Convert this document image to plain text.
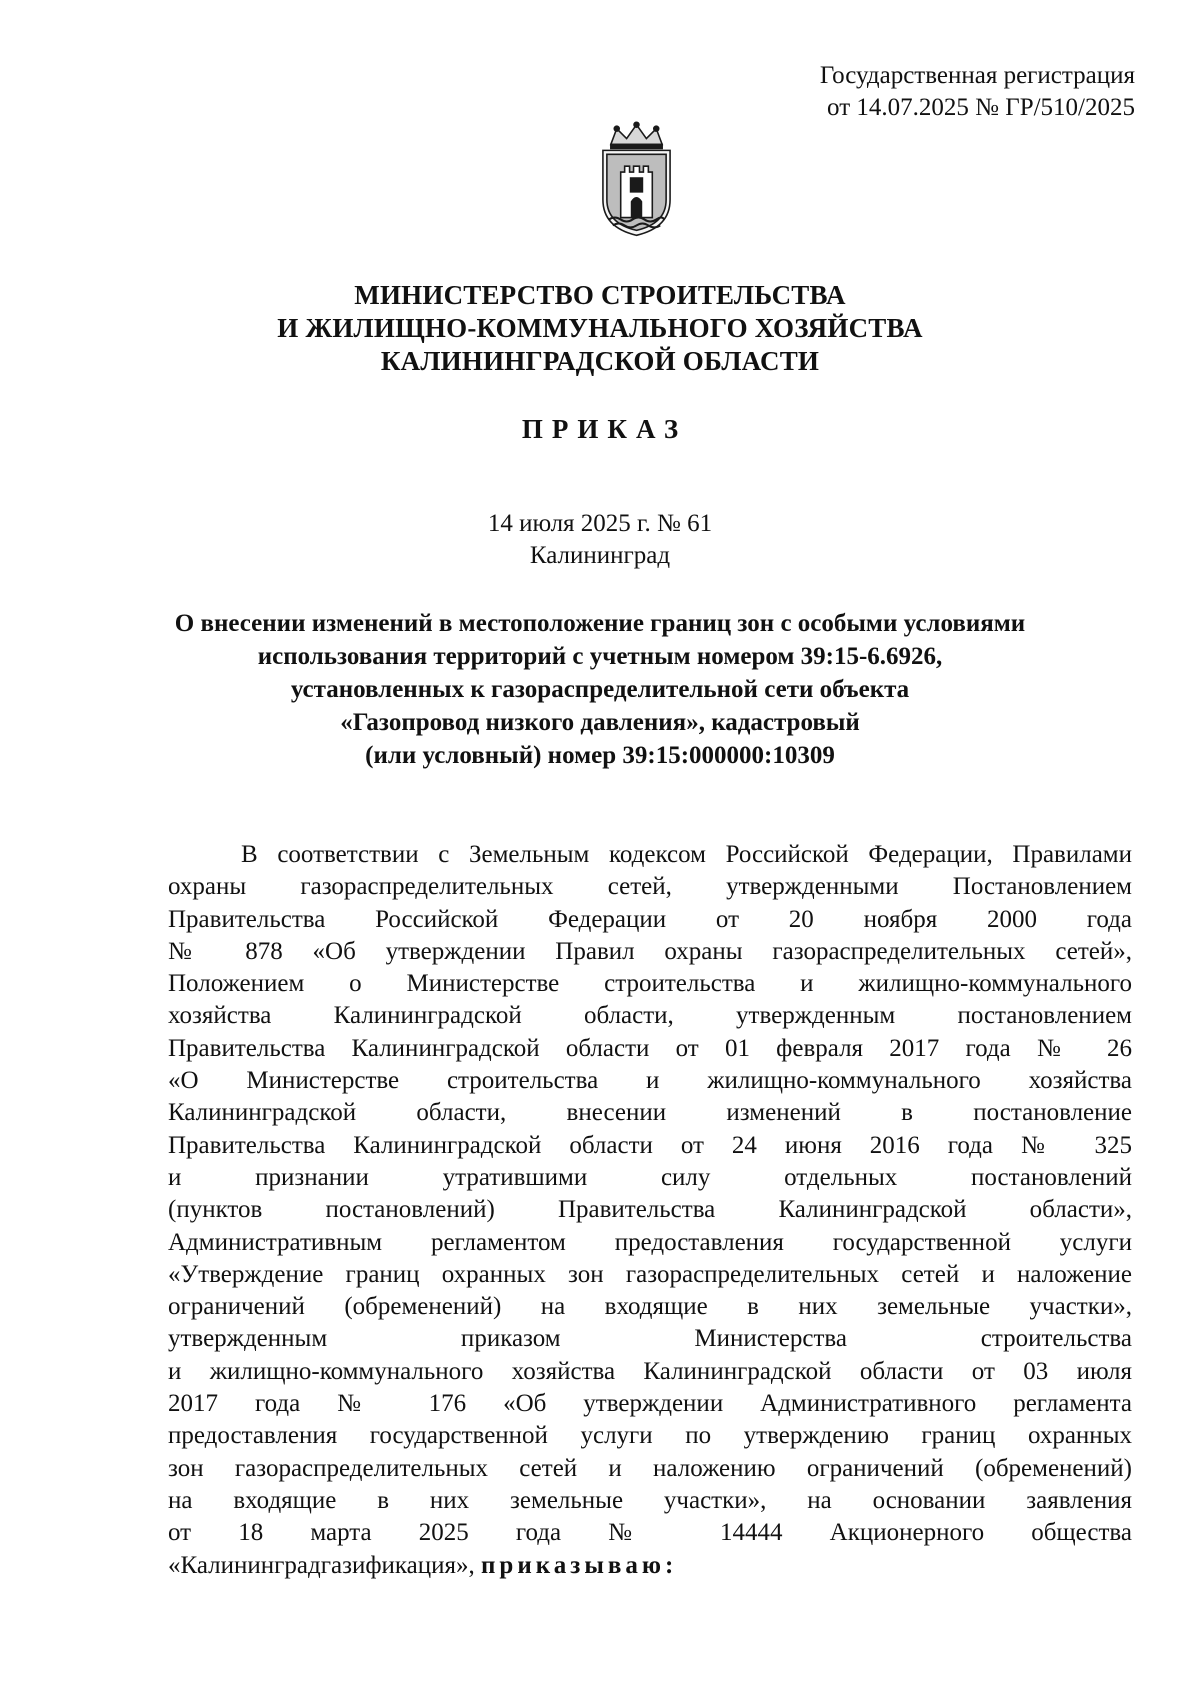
Государственная регистрация
от 14.07.2025 № ГР/510/2025
МИНИСТЕРСТВО СТРОИТЕЛЬСТВА
И ЖИЛИЩНО-КОММУНАЛЬНОГО ХОЗЯЙСТВА
КАЛИНИНГРАДСКОЙ ОБЛАСТИ
ПРИКАЗ
14 июля 2025 г. № 61
Калининград
О внесении изменений в местоположение границ зон с особыми условиями
использования территорий с учетным номером 39:15-6.6926,
установленных к газораспределительной сети объекта
«Газопровод низкого давления», кадастровый
(или условный) номер 39:15:000000:10309
В соответствии с Земельным кодексом Российской Федерации, Правилами
охраны газораспределительных сетей, утвержденными Постановлением
Правительства Российской Федерации от 20 ноября 2000 года
№ 878 «Об утверждении Правил охраны газораспределительных сетей»,
Положением о Министерстве строительства и жилищно-коммунального
хозяйства Калининградской области, утвержденным постановлением
Правительства Калининградской области от 01 февраля 2017 года № 26
«О Министерстве строительства и жилищно-коммунального хозяйства
Калининградской области, внесении изменений в постановление
Правительства Калининградской области от 24 июня 2016 года № 325
и признании утратившими силу отдельных постановлений
(пунктов постановлений) Правительства Калининградской области»,
Административным регламентом предоставления государственной услуги
«Утверждение границ охранных зон газораспределительных сетей и наложение
ограничений (обременений) на входящие в них земельные участки»,
утвержденным приказом Министерства строительства
и жилищно-коммунального хозяйства Калининградской области от 03 июля
2017 года № 176 «Об утверждении Административного регламента
предоставления государственной услуги по утверждению границ охранных
зон газораспределительных сетей и наложению ограничений (обременений)
на входящие в них земельные участки», на основании заявления
от 18 марта 2025 года № 14444 Акционерного общества
«Калининградгазификация», приказываю:
